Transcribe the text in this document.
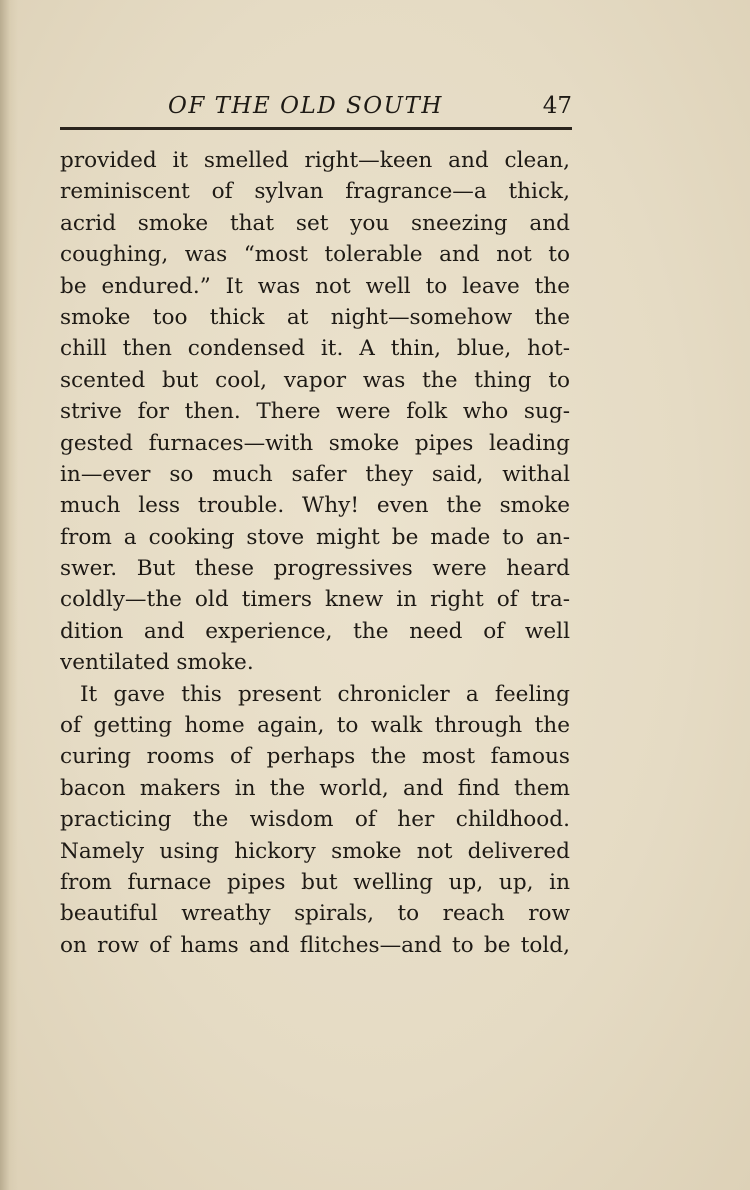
OF THE OLD SOUTH	47
provided it smelled right—keen and clean,
reminiscent of sylvan fragrance—a thick,
acrid smoke that set you sneezing and
coughing, was “most tolerable and not to
be endured.” It was not well to leave the
smoke too thick at night—somehow the
chill then condensed it. A thin, blue, hot-
scented but cool, vapor was the thing to
strive for then. There were folk who sug-
gested furnaces—with smoke pipes leading
in—ever so much safer they said, withal
much less trouble. Why! even the smoke
from a cooking stove might be made to an-
swer. But these progressives were heard
coldly—the old timers knew in right of tra-
dition and experience, the need of well
ventilated smoke.
It gave this present chronicler a feeling
of getting home again, to walk through the
curing rooms of perhaps the most famous
bacon makers in the world, and find them
practicing the wisdom of her childhood.
Namely using hickory smoke not delivered
from furnace pipes but welling up, up, in
beautiful wreathy spirals, to reach row
on row of hams and flitches—and to be told,
